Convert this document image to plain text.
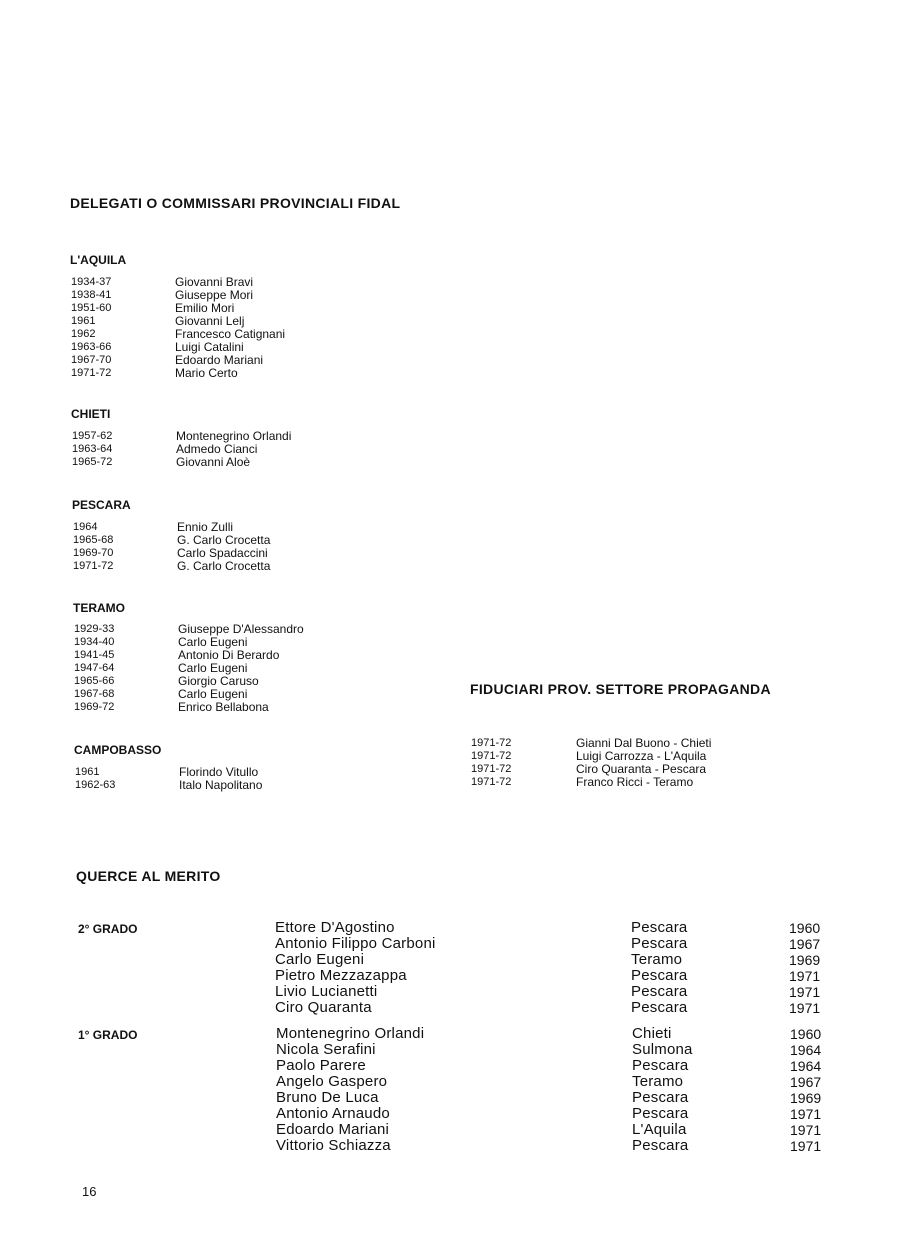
DELEGATI O COMMISSARI PROVINCIALI FIDAL
L'AQUILA
1934-37	Giovanni Bravi
1938-41	Giuseppe Mori
1951-60	Emilio Mori
1961	Giovanni Lelj
1962	Francesco Catignani
1963-66	Luigi Catalini
1967-70	Edoardo Mariani
1971-72	Mario Certo
CHIETI
1957-62	Montenegrino Orlandi
1963-64	Admedo Cianci
1965-72	Giovanni Aloè
PESCARA
1964	Ennio Zulli
1965-68	G. Carlo Crocetta
1969-70	Carlo Spadaccini
1971-72	G. Carlo Crocetta
TERAMO
1929-33	Giuseppe D'Alessandro
1934-40	Carlo Eugeni
1941-45	Antonio Di Berardo
1947-64	Carlo Eugeni
1965-66	Giorgio Caruso
1967-68	Carlo Eugeni
1969-72	Enrico Bellabona
CAMPOBASSO
1961	Florindo Vitullo
1962-63	Italo Napolitano
FIDUCIARI PROV. SETTORE PROPAGANDA
1971-72	Gianni Dal Buono - Chieti
1971-72	Luigi Carrozza - L'Aquila
1971-72	Ciro Quaranta - Pescara
1971-72	Franco Ricci - Teramo
QUERCE AL MERITO
2° GRADO	Ettore D'Agostino	Pescara	1960
Antonio Filippo Carboni	Pescara	1967
Carlo Eugeni	Teramo	1969
Pietro Mezzazappa	Pescara	1971
Livio Lucianetti	Pescara	1971
Ciro Quaranta	Pescara	1971
1° GRADO	Montenegrino Orlandi	Chieti	1960
Nicola Serafini	Sulmona	1964
Paolo Parere	Pescara	1964
Angelo Gaspero	Teramo	1967
Bruno De Luca	Pescara	1969
Antonio Arnaudo	Pescara	1971
Edoardo Mariani	L'Aquila	1971
Vittorio Schiazza	Pescara	1971
16
